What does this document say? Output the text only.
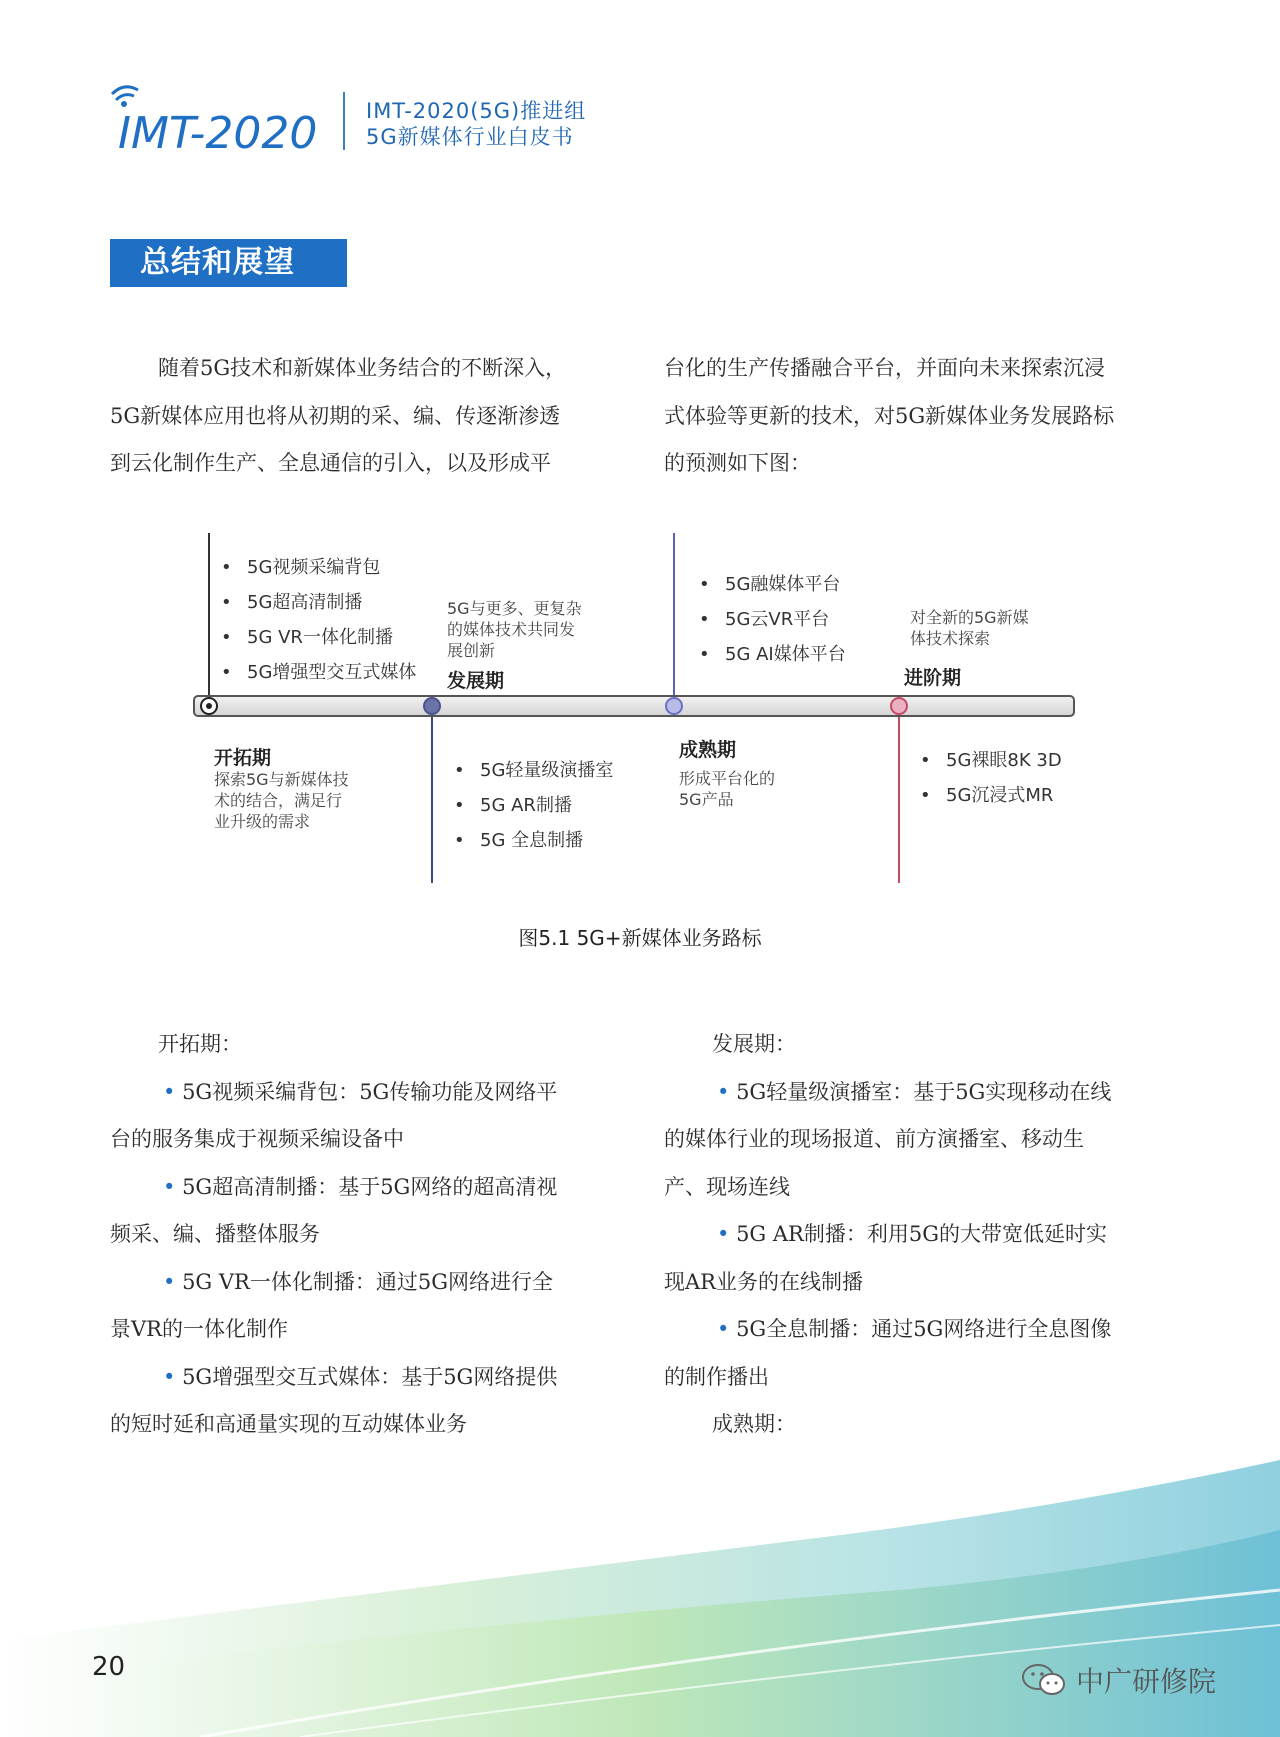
IMT-2020 IMT-2020(5G)推进组
5G新媒体行业白皮书
总结和展望

随着5G技术和新媒体业务结合的不断深入，

5G新媒体应用也将从初期的采、编、传逐渐渗透

到云化制作生产、全息通信的引入，以及形成平

台化的生产传播融合平台，并面向未来探索沉浸

式体验等更新的技术，对5G新媒体业务发展路标

的预测如下图：

• 5G视频采编背包
• 5G超高清制播
• 5G VR一体化制播
• 5G增强型交互式媒体
开拓期
探索5G与新媒体技
术的结合，满足行
业升级的需求
5G与更多、更复杂
的媒体技术共同发
展创新
发展期
• 5G轻量级演播室
• 5G AR制播
• 5G 全息制播
• 5G融媒体平台
• 5G云VR平台
• 5G AI媒体平台
成熟期
形成平台化的
5G产品
对全新的5G新媒
体技术探索
进阶期
• 5G裸眼8K 3D
• 5G沉浸式MR
图5.1 5G+新媒体业务路标

开拓期：

• 5G视频采编背包：5G传输功能及网络平

台的服务集成于视频采编设备中

• 5G超高清制播：基于5G网络的超高清视

频采、编、播整体服务

• 5G VR一体化制播：通过5G网络进行全

景VR的一体化制作

• 5G增强型交互式媒体：基于5G网络提供

的短时延和高通量实现的互动媒体业务

发展期：

• 5G轻量级演播室：基于5G实现移动在线

的媒体行业的现场报道、前方演播室、移动生

产、现场连线

• 5G AR制播：利用5G的大带宽低延时实

现AR业务的在线制播

• 5G全息制播：通过5G网络进行全息图像

的制作播出

成熟期：

20	中广研修院
